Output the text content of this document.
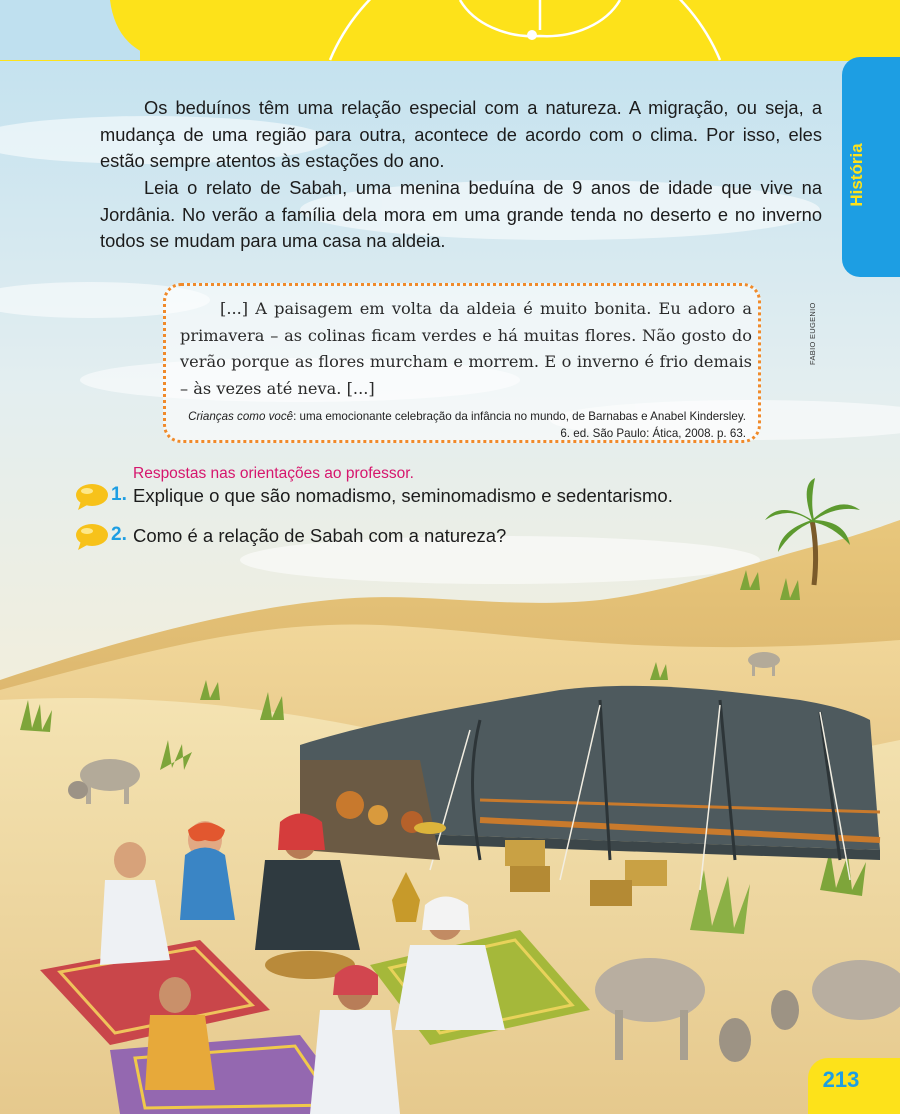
História

Os beduínos têm uma relação especial com a natureza. A migração, ou seja, a mudança de uma região para outra, acontece de acordo com o clima. Por isso, eles estão sempre atentos às estações do ano.

Leia o relato de Sabah, uma menina beduína de 9 anos de idade que vive na Jordânia. No verão a família dela mora em uma grande tenda no deserto e no inverno todos se mudam para uma casa na aldeia.

[...] A paisagem em volta da aldeia é muito bonita. Eu adoro a primavera – as colinas ficam verdes e há muitas flores. Não gosto do verão porque as flores murcham e morrem. E o inverno é frio demais – às vezes até neva. [...]

Crianças como você: uma emocionante celebração da infância no mundo, de Barnabas e Anabel Kindersley. 6. ed. São Paulo: Ática, 2008. p. 63.

FABIO EUGENIO
Respostas nas orientações ao professor.
1. Explique o que são nomadismo, seminomadismo e sedentarismo.
2. Como é a relação de Sabah com a natureza?
213
